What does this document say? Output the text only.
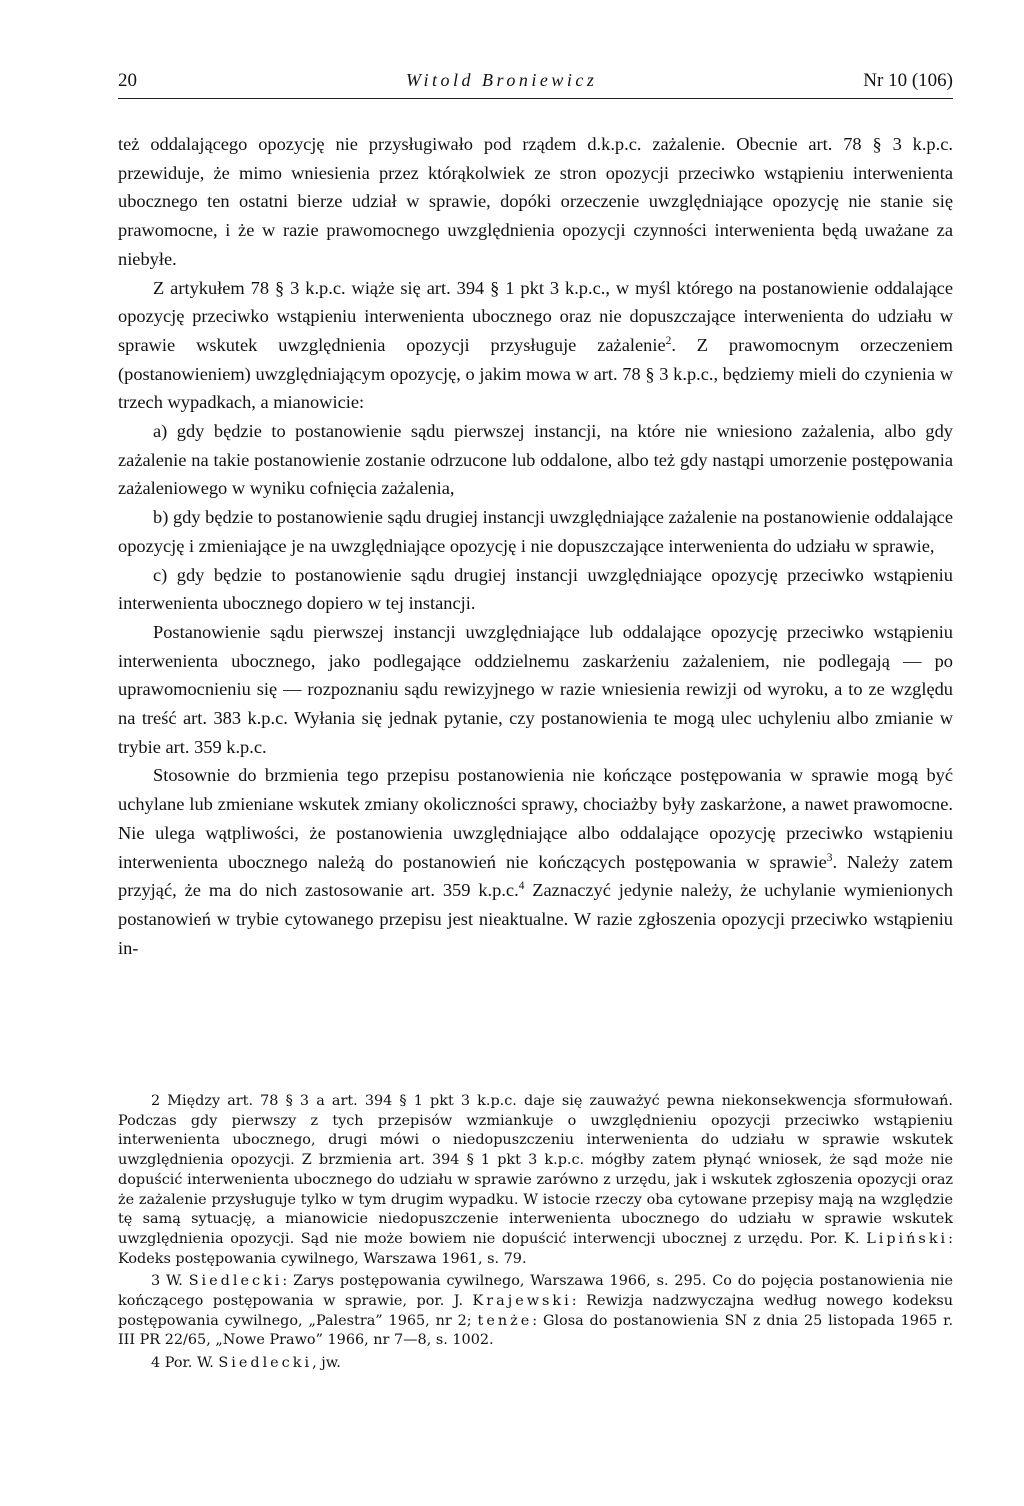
20	Witold Broniewicz	Nr 10 (106)

też oddalającego opozycję nie przysługiwało pod rządem d.k.p.c. zażalenie. Obecnie art. 78 § 3 k.p.c. przewiduje, że mimo wniesienia przez którąkolwiek ze stron opozycji przeciwko wstąpieniu interwenienta ubocznego ten ostatni bierze udział w sprawie, dopóki orzeczenie uwzględniające opozycję nie stanie się prawomocne, i że w razie prawomocnego uwzględnienia opozycji czynności interwenienta będą uważane za niebyłe.

Z artykułem 78 § 3 k.p.c. wiąże się art. 394 § 1 pkt 3 k.p.c., w myśl którego na postanowienie oddalające opozycję przeciwko wstąpieniu interwenienta ubocznego oraz nie dopuszczające interwenienta do udziału w sprawie wskutek uwzględnienia opozycji przysługuje zażalenie$^2$. Z prawomocnym orzeczeniem (postanowieniem) uwzględniającym opozycję, o jakim mowa w art. 78 § 3 k.p.c., będziemy mieli do czynienia w trzech wypadkach, a mianowicie:

a) gdy będzie to postanowienie sądu pierwszej instancji, na które nie wniesiono zażalenia, albo gdy zażalenie na takie postanowienie zostanie odrzucone lub oddalone, albo też gdy nastąpi umorzenie postępowania zażaleniowego w wyniku cofnięcia zażalenia,

b) gdy będzie to postanowienie sądu drugiej instancji uwzględniające zażalenie na postanowienie oddalające opozycję i zmieniające je na uwzględniające opozycję i nie dopuszczające interwenienta do udziału w sprawie,

c) gdy będzie to postanowienie sądu drugiej instancji uwzględniające opozycję przeciwko wstąpieniu interwenienta ubocznego dopiero w tej instancji.

Postanowienie sądu pierwszej instancji uwzględniające lub oddalające opozycję przeciwko wstąpieniu interwenienta ubocznego, jako podlegające oddzielnemu zaskarżeniu zażaleniem, nie podlegają — po uprawomocnieniu się — rozpoznaniu sądu rewizyjnego w razie wniesienia rewizji od wyroku, a to ze względu na treść art. 383 k.p.c. Wyłania się jednak pytanie, czy postanowienia te mogą ulec uchyleniu albo zmianie w trybie art. 359 k.p.c.

Stosownie do brzmienia tego przepisu postanowienia nie kończące postępowania w sprawie mogą być uchylane lub zmieniane wskutek zmiany okoliczności sprawy, chociażby były zaskarżone, a nawet prawomocne. Nie ulega wątpliwości, że postanowienia uwzględniające albo oddalające opozycję przeciwko wstąpieniu interwenienta ubocznego należą do postanowień nie kończących postępowania w sprawie$^3$. Należy zatem przyjąć, że ma do nich zastosowanie art. 359 k.p.c.$^4$ Zaznaczyć jedynie należy, że uchylanie wymienionych postanowień w trybie cytowanego przepisu jest nieaktualne. W razie zgłoszenia opozycji przeciwko wstąpieniu in-

2 Między art. 78 § 3 a art. 394 § 1 pkt 3 k.p.c. daje się zauważyć pewna niekonsekwencja sformułowań. Podczas gdy pierwszy z tych przepisów wzmiankuje o uwzględnieniu opozycji przeciwko wstąpieniu interwenienta ubocznego, drugi mówi o niedopuszczeniu interwenienta do udziału w sprawie wskutek uwzględnienia opozycji. Z brzmienia art. 394 § 1 pkt 3 k.p.c. mógłby zatem płynąć wniosek, że sąd może nie dopuścić interwenienta ubocznego do udziału w sprawie zarówno z urzędu, jak i wskutek zgłoszenia opozycji oraz że zażalenie przysługuje tylko w tym drugim wypadku. W istocie rzeczy oba cytowane przepisy mają na względzie tę samą sytuację, a mianowicie niedopuszczenie interwenienta ubocznego do udziału w sprawie wskutek uwzględnienia opozycji. Sąd nie może bowiem nie dopuścić interwencji ubocznej z urzędu. Por. K. Lipiński: Kodeks postępowania cywilnego, Warszawa 1961, s. 79.

3 W. Siedlecki: Zarys postępowania cywilnego, Warszawa 1966, s. 295. Co do pojęcia postanowienia nie kończącego postępowania w sprawie, por. J. Krajewski: Rewizja nadzwyczajna według nowego kodeksu postępowania cywilnego, „Palestra” 1965, nr 2; tenże: Glosa do postanowienia SN z dnia 25 listopada 1965 r. III PR 22/65, „Nowe Prawo” 1966, nr 7—8, s. 1002.

4 Por. W. Siedlecki, jw.
